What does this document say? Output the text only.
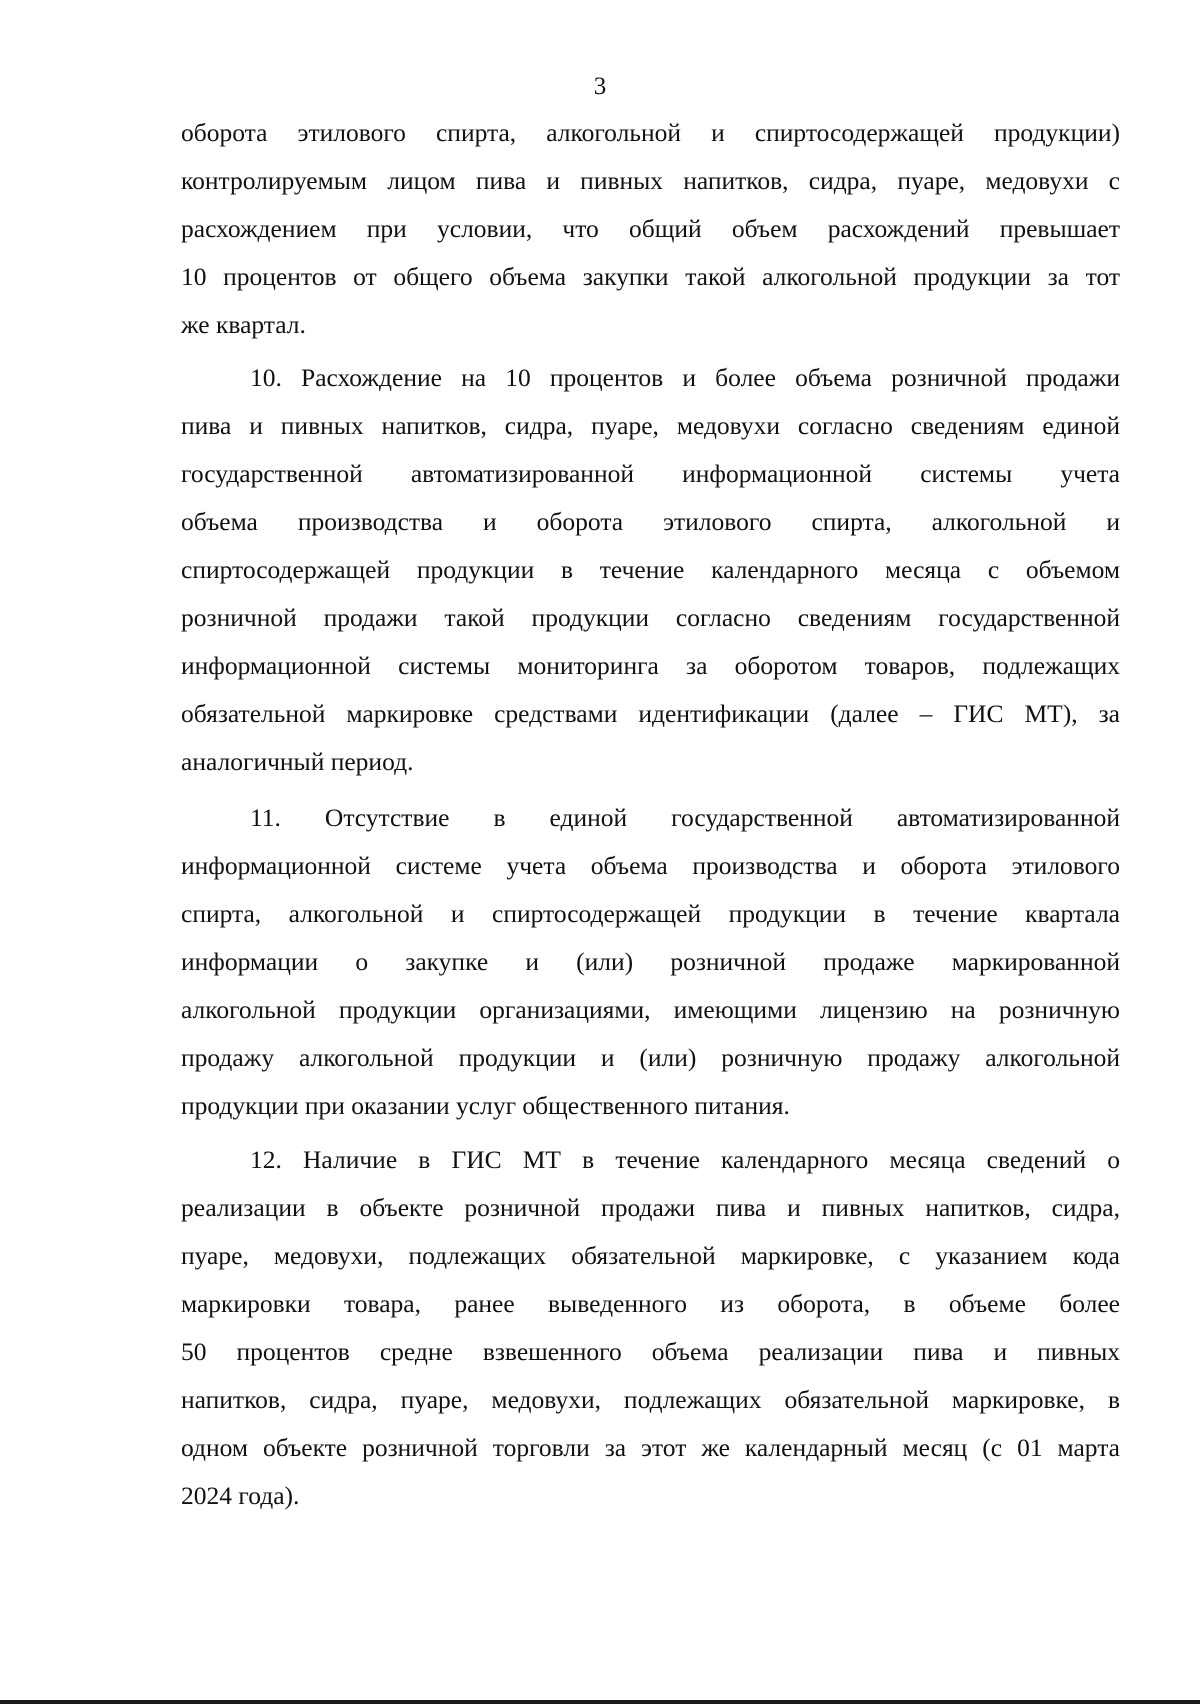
3
оборота этилового спирта, алкогольной и спиртосодержащей продукции)
контролируемым лицом пива и пивных напитков, сидра, пуаре, медовухи с
расхождением при условии, что общий объем расхождений превышает
10 процентов от общего объема закупки такой алкогольной продукции за тот
же квартал.
10. Расхождение на 10 процентов и более объема розничной продажи
пива и пивных напитков, сидра, пуаре, медовухи согласно сведениям единой
государственной автоматизированной информационной системы учета
объема производства и оборота этилового спирта, алкогольной и
спиртосодержащей продукции в течение календарного месяца с объемом
розничной продажи такой продукции согласно сведениям государственной
информационной системы мониторинга за оборотом товаров, подлежащих
обязательной маркировке средствами идентификации (далее – ГИС МТ), за
аналогичный период.
11. Отсутствие в единой государственной автоматизированной
информационной системе учета объема производства и оборота этилового
спирта, алкогольной и спиртосодержащей продукции в течение квартала
информации о закупке и (или) розничной продаже маркированной
алкогольной продукции организациями, имеющими лицензию на розничную
продажу алкогольной продукции и (или) розничную продажу алкогольной
продукции при оказании услуг общественного питания.
12. Наличие в ГИС МТ в течение календарного месяца сведений о
реализации в объекте розничной продажи пива и пивных напитков, сидра,
пуаре, медовухи, подлежащих обязательной маркировке, с указанием кода
маркировки товара, ранее выведенного из оборота, в объеме более
50 процентов средне взвешенного объема реализации пива и пивных
напитков, сидра, пуаре, медовухи, подлежащих обязательной маркировке, в
одном объекте розничной торговли за этот же календарный месяц (с 01 марта
2024 года).
